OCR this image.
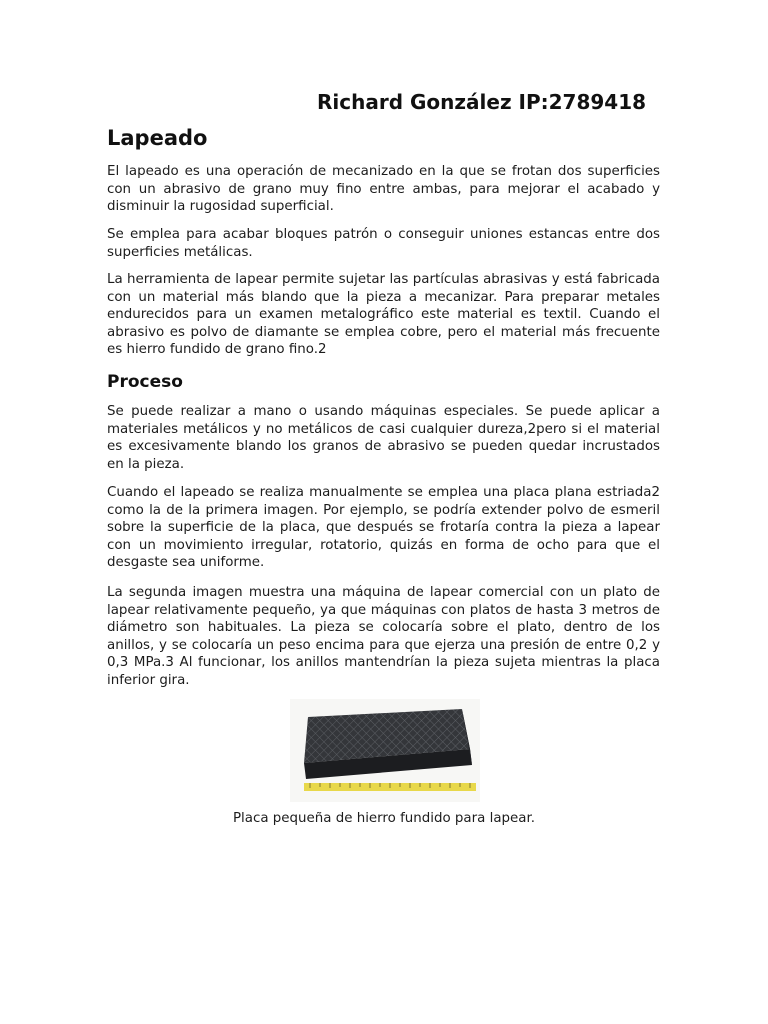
Richard González IP:2789418
Lapeado
El lapeado es una operación de mecanizado en la que se frotan dos superficies con un abrasivo de grano muy fino entre ambas, para mejorar el acabado y disminuir la rugosidad superficial.
Se emplea para acabar bloques patrón o conseguir uniones estancas entre dos superficies metálicas.
La herramienta de lapear permite sujetar las partículas abrasivas y está fabricada con un material más blando que la pieza a mecanizar. Para preparar metales endurecidos para un examen metalográfico este material es textil. Cuando el abrasivo es polvo de diamante se emplea cobre, pero el material más frecuente es hierro fundido de grano fino.2
Proceso
Se puede realizar a mano o usando máquinas especiales. Se puede aplicar a materiales metálicos y no metálicos de casi cualquier dureza,2pero si el material es excesivamente blando los granos de abrasivo se pueden quedar incrustados en la pieza.
Cuando el lapeado se realiza manualmente se emplea una placa plana estriada2 como la de la primera imagen. Por ejemplo, se podría extender polvo de esmeril sobre la superficie de la placa, que después se frotaría contra la pieza a lapear con un movimiento irregular, rotatorio, quizás en forma de ocho para que el desgaste sea uniforme.
La segunda imagen muestra una máquina de lapear comercial con un plato de lapear relativamente pequeño, ya que máquinas con platos de hasta 3 metros de diámetro son habituales. La pieza se colocaría sobre el plato, dentro de los anillos, y se colocaría un peso encima para que ejerza una presión de entre 0,2 y 0,3 MPa.3 Al funcionar, los anillos mantendrían la pieza sujeta mientras la placa inferior gira.
Placa pequeña de hierro fundido para lapear.
